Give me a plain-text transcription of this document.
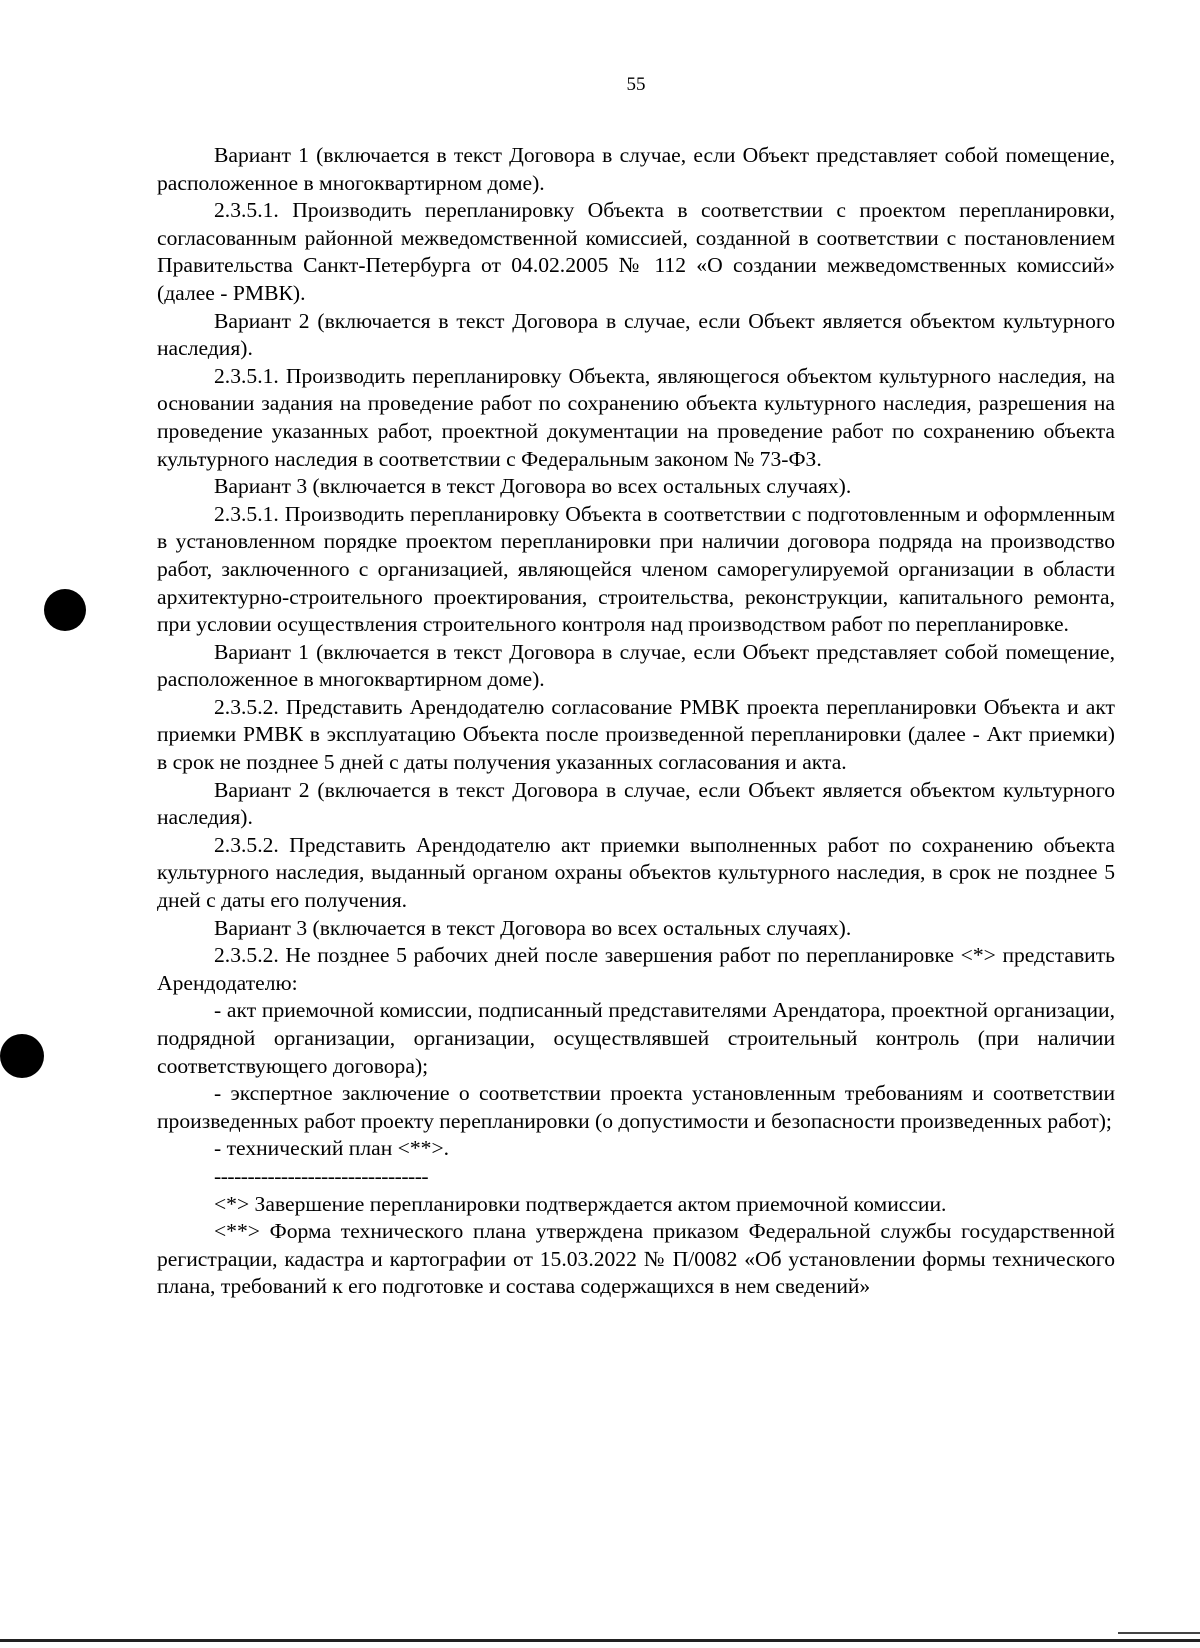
55

Вариант 1 (включается в текст Договора в случае, если Объект представляет собой помещение, расположенное в многоквартирном доме).

2.3.5.1. Производить перепланировку Объекта в соответствии с проектом перепланировки, согласованным районной межведомственной комиссией, созданной в соответствии с постановлением Правительства Санкт-Петербурга от 04.02.2005 № 112 «О создании межведомственных комиссий» (далее - РМВК).

Вариант 2 (включается в текст Договора в случае, если Объект является объектом культурного наследия).

2.3.5.1. Производить перепланировку Объекта, являющегося объектом культурного наследия, на основании задания на проведение работ по сохранению объекта культурного наследия, разрешения на проведение указанных работ, проектной документации на проведение работ по сохранению объекта культурного наследия в соответствии с Федеральным законом № 73-ФЗ.

Вариант 3 (включается в текст Договора во всех остальных случаях).

2.3.5.1. Производить перепланировку Объекта в соответствии с подготовленным и оформленным в установленном порядке проектом перепланировки при наличии договора подряда на производство работ, заключенного с организацией, являющейся членом саморегулируемой организации в области архитектурно-строительного проектирования, строительства, реконструкции, капитального ремонта, при условии осуществления строительного контроля над производством работ по перепланировке.

Вариант 1 (включается в текст Договора в случае, если Объект представляет собой помещение, расположенное в многоквартирном доме).

2.3.5.2. Представить Арендодателю согласование РМВК проекта перепланировки Объекта и акт приемки РМВК в эксплуатацию Объекта после произведенной перепланировки (далее - Акт приемки) в срок не позднее 5 дней с даты получения указанных согласования и акта.

Вариант 2 (включается в текст Договора в случае, если Объект является объектом культурного наследия).

2.3.5.2. Представить Арендодателю акт приемки выполненных работ по сохранению объекта культурного наследия, выданный органом охраны объектов культурного наследия, в срок не позднее 5 дней с даты его получения.

Вариант 3 (включается в текст Договора во всех остальных случаях).

2.3.5.2. Не позднее 5 рабочих дней после завершения работ по перепланировке <*> представить Арендодателю:

- акт приемочной комиссии, подписанный представителями Арендатора, проектной организации, подрядной организации, организации, осуществлявшей строительный контроль (при наличии соответствующего договора);

- экспертное заключение о соответствии проекта установленным требованиям и соответствии произведенных работ проекту перепланировки (о допустимости и безопасности произведенных работ);

- технический план <**>.

--------------------------------

<*> Завершение перепланировки подтверждается актом приемочной комиссии.

<**> Форма технического плана утверждена приказом Федеральной службы государственной регистрации, кадастра и картографии от 15.03.2022 № П/0082 «Об установлении формы технического плана, требований к его подготовке и состава содержащихся в нем сведений»
